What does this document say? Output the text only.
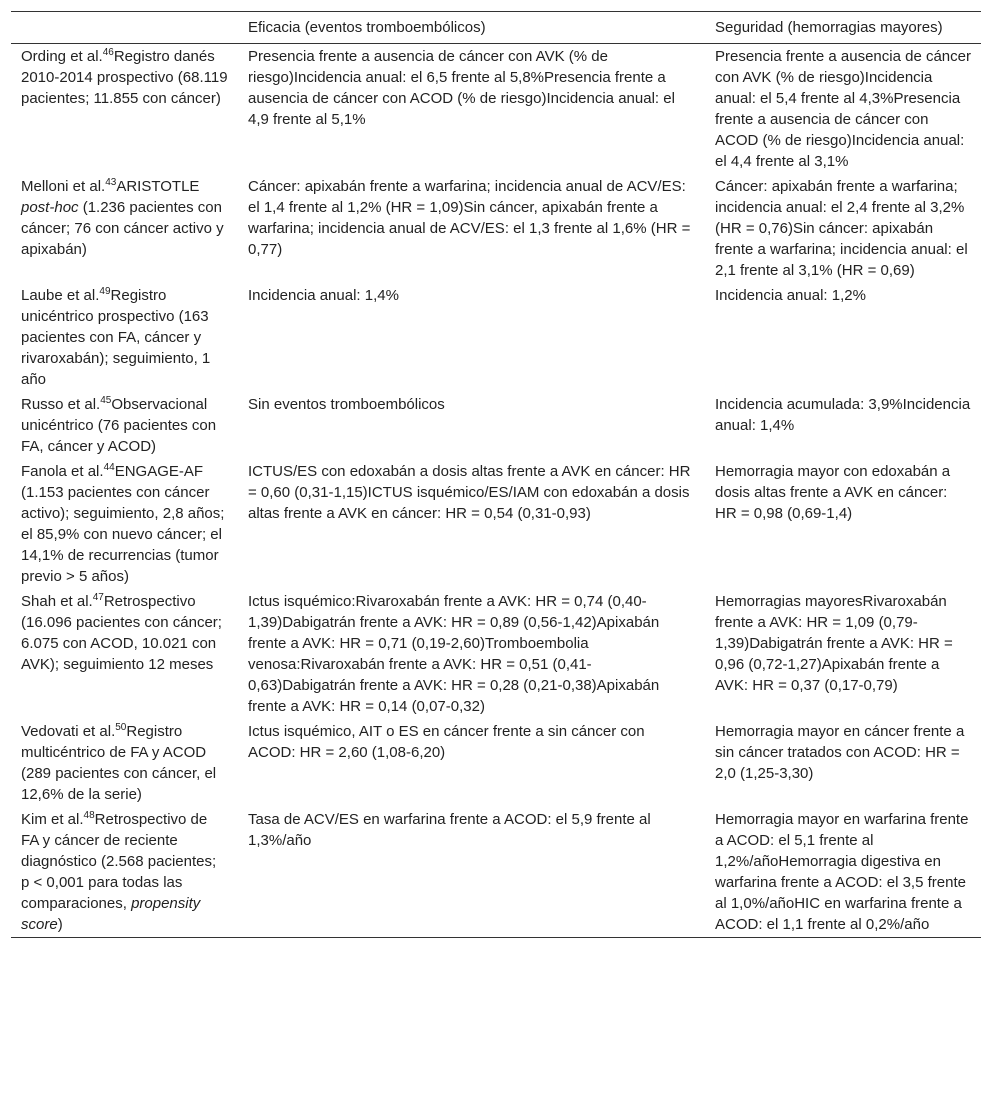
	Eficacia (eventos tromboembólicos)	Seguridad (hemorragias mayores)
Ording et al.$^{46}$Registro danés 2010-2014 prospectivo (68.119 pacientes; 11.855 con cáncer)	Presencia frente a ausencia de cáncer con AVK (% de riesgo)Incidencia anual: el 6,5 frente al 5,8%Presencia frente a ausencia de cáncer con ACOD (% de riesgo)Incidencia anual: el 4,9 frente al 5,1%	Presencia frente a ausencia de cáncer con AVK (% de riesgo)Incidencia anual: el 5,4 frente al 4,3%Presencia frente a ausencia de cáncer con ACOD (% de riesgo)Incidencia anual: el 4,4 frente al 3,1%
Melloni et al.$^{43}$ARISTOTLE post-hoc (1.236 pacientes con cáncer; 76 con cáncer activo y apixabán)	Cáncer: apixabán frente a warfarina; incidencia anual de ACV/ES: el 1,4 frente al 1,2% (HR = 1,09)Sin cáncer, apixabán frente a warfarina; incidencia anual de ACV/ES: el 1,3 frente al 1,6% (HR = 0,77)	Cáncer: apixabán frente a warfarina; incidencia anual: el 2,4 frente al 3,2% (HR = 0,76)Sin cáncer: apixabán frente a warfarina; incidencia anual: el 2,1 frente al 3,1% (HR = 0,69)
Laube et al.$^{49}$Registro unicéntrico prospectivo (163 pacientes con FA, cáncer y rivaroxabán); seguimiento, 1 año	Incidencia anual: 1,4%	Incidencia anual: 1,2%
Russo et al.$^{45}$Observacional unicéntrico (76 pacientes con FA, cáncer y ACOD)	Sin eventos tromboembólicos	Incidencia acumulada: 3,9%Incidencia anual: 1,4%
Fanola et al.$^{44}$ENGAGE-AF (1.153 pacientes con cáncer activo); seguimiento, 2,8 años; el 85,9% con nuevo cáncer; el 14,1% de recurrencias (tumor previo > 5 años)	ICTUS/ES con edoxabán a dosis altas frente a AVK en cáncer: HR = 0,60 (0,31-1,15)ICTUS isquémico/ES/IAM con edoxabán a dosis altas frente a AVK en cáncer: HR = 0,54 (0,31-0,93)	Hemorragia mayor con edoxabán a dosis altas frente a AVK en cáncer: HR = 0,98 (0,69-1,4)
Shah et al.$^{47}$Retrospectivo (16.096 pacientes con cáncer; 6.075 con ACOD, 10.021 con AVK); seguimiento 12 meses	Ictus isquémico:Rivaroxabán frente a AVK: HR = 0,74 (0,40-1,39)Dabigatrán frente a AVK: HR = 0,89 (0,56-1,42)Apixabán frente a AVK: HR = 0,71 (0,19-2,60)Tromboembolia venosa:Rivaroxabán frente a AVK: HR = 0,51 (0,41-0,63)Dabigatrán frente a AVK: HR = 0,28 (0,21-0,38)Apixabán frente a AVK: HR = 0,14 (0,07-0,32)	Hemorragias mayoresRivaroxabán frente a AVK: HR = 1,09 (0,79-1,39)Dabigatrán frente a AVK: HR = 0,96 (0,72-1,27)Apixabán frente a AVK: HR = 0,37 (0,17-0,79)
Vedovati et al.$^{50}$Registro multicéntrico de FA y ACOD (289 pacientes con cáncer, el 12,6% de la serie)	Ictus isquémico, AIT o ES en cáncer frente a sin cáncer con ACOD: HR = 2,60 (1,08-6,20)	Hemorragia mayor en cáncer frente a sin cáncer tratados con ACOD: HR = 2,0 (1,25-3,30)
Kim et al.$^{48}$Retrospectivo de FA y cáncer de reciente diagnóstico (2.568 pacientes; p < 0,001 para todas las comparaciones, propensity score)	Tasa de ACV/ES en warfarina frente a ACOD: el 5,9 frente al 1,3%/año	Hemorragia mayor en warfarina frente a ACOD: el 5,1 frente al 1,2%/añoHemorragia digestiva en warfarina frente a ACOD: el 3,5 frente al 1,0%/añoHIC en warfarina frente a ACOD: el 1,1 frente al 0,2%/año
